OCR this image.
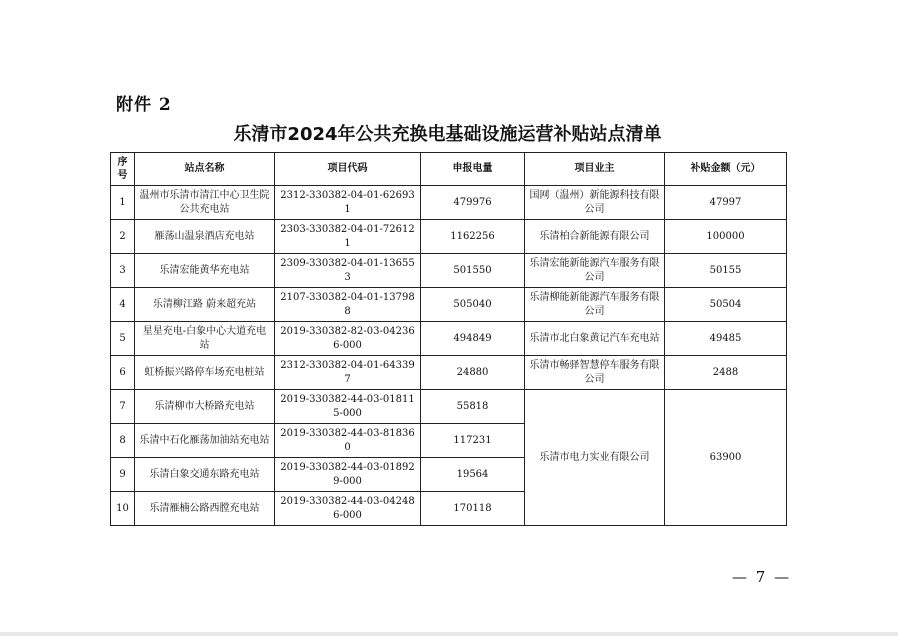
附件 2
乐清市2024年公共充换电基础设施运营补贴站点清单
序号	站点名称	项目代码	申报电量	项目业主	补贴金额（元）
1	温州市乐清市清江中心卫生院公共充电站	2312-330382-04-01-626931	479976	国网（温州）新能源科技有限公司	47997
2	雁荡山温泉酒店充电站	2303-330382-04-01-726121	1162256	乐清柏合新能源有限公司	100000
3	乐清宏能黄华充电站	2309-330382-04-01-136553	501550	乐清宏能新能源汽车服务有限公司	50155
4	乐清柳江路 蔚来超充站	2107-330382-04-01-137988	505040	乐清柳能新能源汽车服务有限公司	50504
5	星星充电-白象中心大道充电站	2019-330382-82-03-042366-000	494849	乐清市北白象黄记汽车充电站	49485
6	虹桥振兴路停车场充电桩站	2312-330382-04-01-643397	24880	乐清市畅驿智慧停车服务有限公司	2488
7	乐清柳市大桥路充电站	2019-330382-44-03-018115-000	55818	乐清市电力实业有限公司	63900
8	乐清中石化雁荡加油站充电站	2019-330382-44-03-818360	117231		
9	乐清白象交通东路充电站	2019-330382-44-03-018929-000	19564		
10	乐清雁楠公路西膛充电站	2019-330382-44-03-042486-000	170118		
— 7 —
